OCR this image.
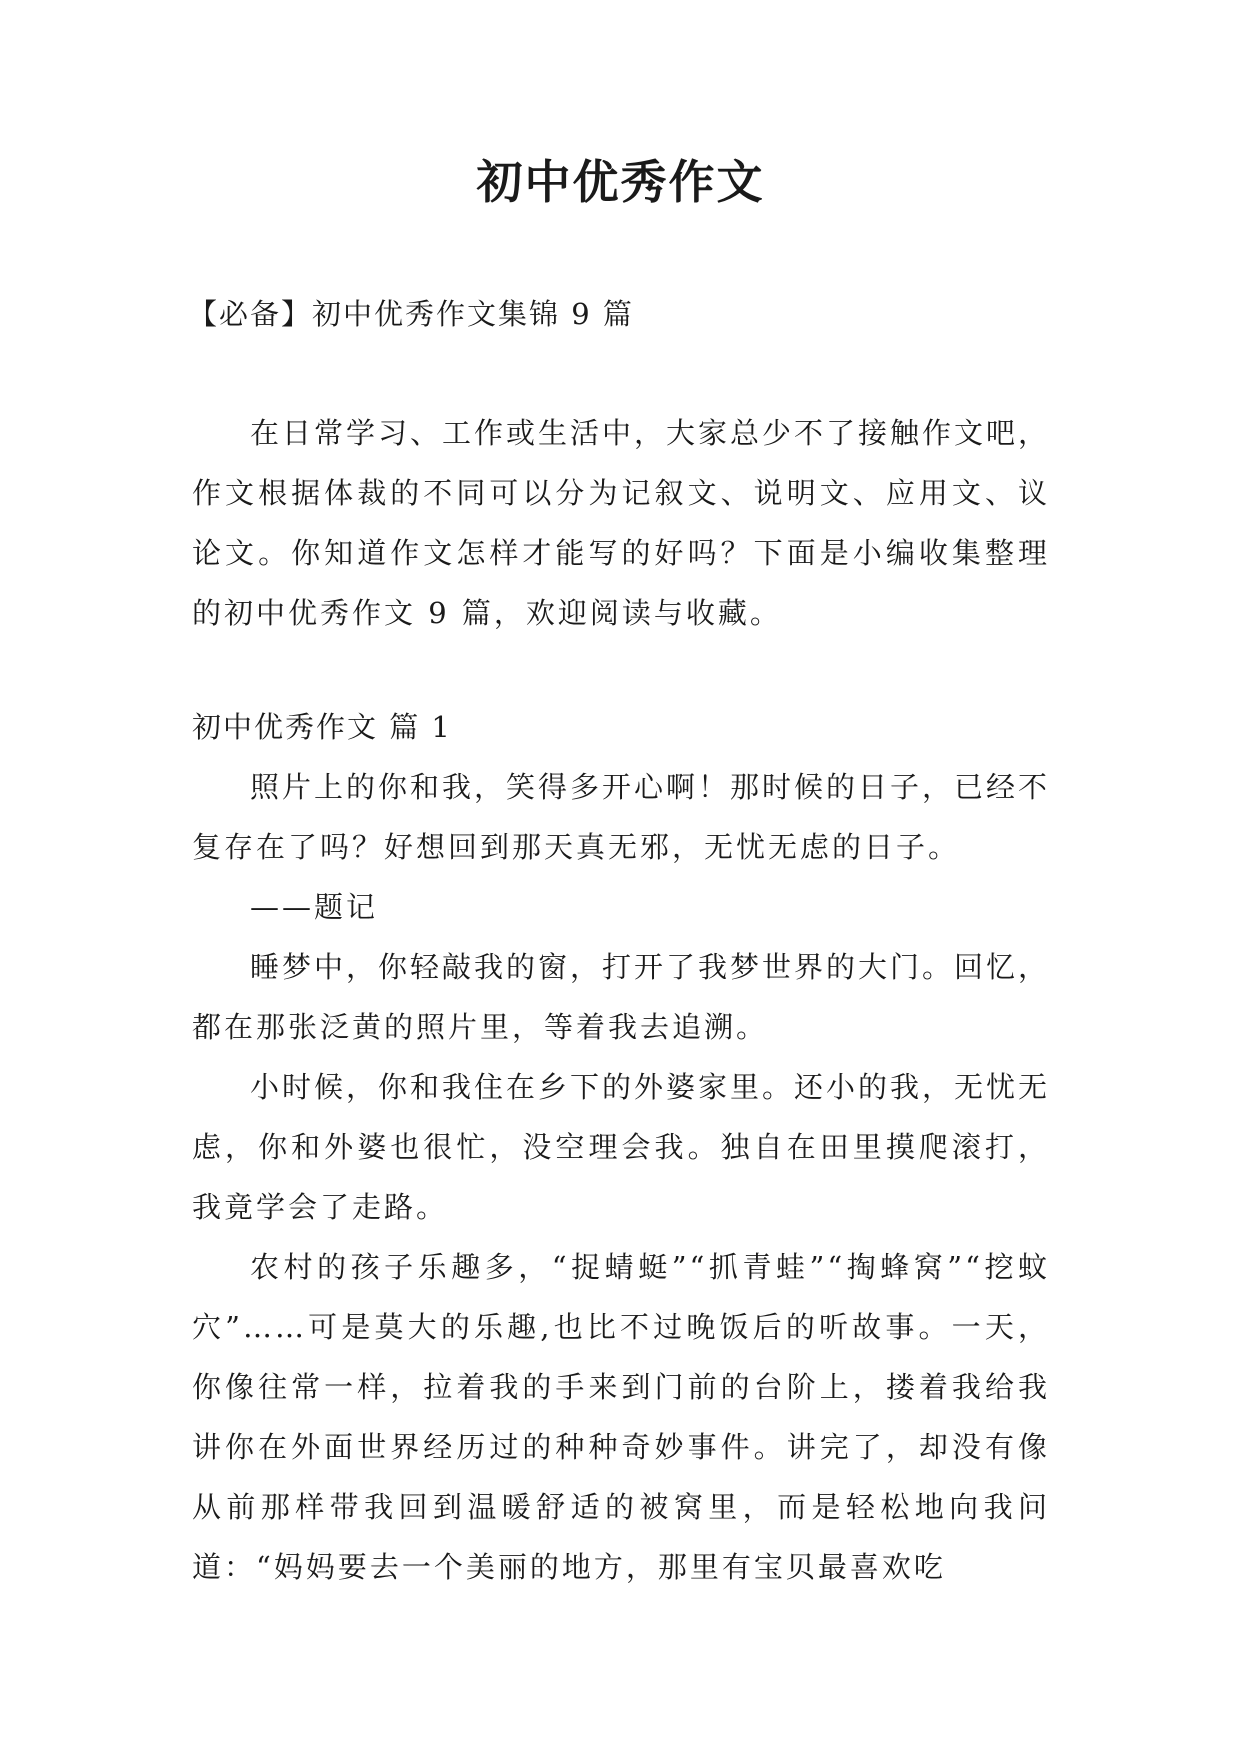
初中优秀作文
【必备】初中优秀作文集锦 9 篇

在日常学习、工作或生活中，大家总少不了接触作文吧，作文根据体裁的不同可以分为记叙文、说明文、应用文、议论文。你知道作文怎样才能写的好吗？下面是小编收集整理的初中优秀作文 9 篇，欢迎阅读与收藏。

初中优秀作文 篇 1

照片上的你和我，笑得多开心啊！那时候的日子，已经不复存在了吗？好想回到那天真无邪，无忧无虑的日子。

——题记

睡梦中，你轻敲我的窗，打开了我梦世界的大门。回忆，都在那张泛黄的照片里，等着我去追溯。

小时候，你和我住在乡下的外婆家里。还小的我，无忧无虑，你和外婆也很忙，没空理会我。独自在田里摸爬滚打，我竟学会了走路。

农村的孩子乐趣多，“捉蜻蜓”“抓青蛙”“掏蜂窝”“挖蚊穴”……可是莫大的乐趣,也比不过晚饭后的听故事。一天，你像往常一样，拉着我的手来到门前的台阶上，搂着我给我讲你在外面世界经历过的种种奇妙事件。讲完了，却没有像从前那样带我回到温暖舒适的被窝里，而是轻松地向我问道：“妈妈要去一个美丽的地方，那里有宝贝最喜欢吃
